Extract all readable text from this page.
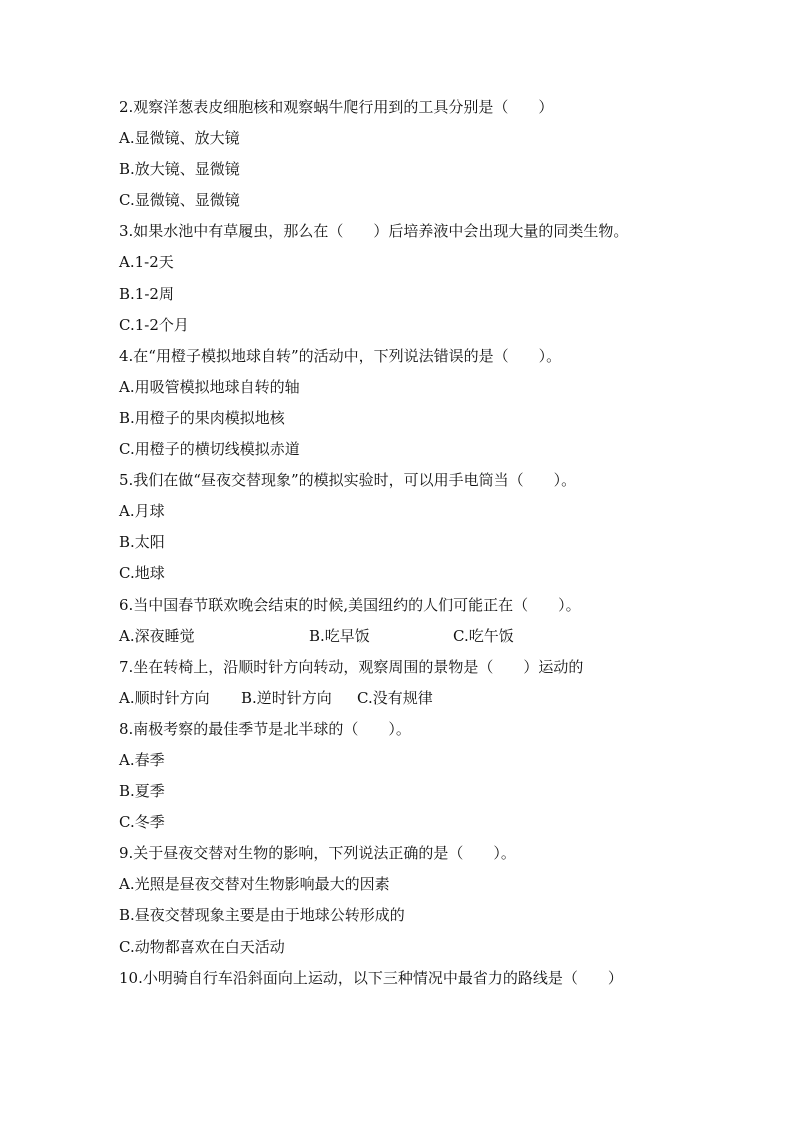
2.观察洋葱表皮细胞核和观察蜗牛爬行用到的工具分别是（　　）
A.显微镜、放大镜
B.放大镜、显微镜
C.显微镜、显微镜
3.如果水池中有草履虫，那么在（　　）后培养液中会出现大量的同类生物。
A.1-2天
B.1-2周
C.1-2个月
4.在“用橙子模拟地球自转”的活动中，下列说法错误的是（　　）。
A.用吸管模拟地球自转的轴
B.用橙子的果肉模拟地核
C.用橙子的横切线模拟赤道
5.我们在做“昼夜交替现象”的模拟实验时，可以用手电筒当（　　）。
A.月球
B.太阳
C.地球
6.当中国春节联欢晚会结束的时候,美国纽约的人们可能正在（　　）。
A.深夜睡觉	B.吃早饭	C.吃午饭
7.坐在转椅上，沿顺时针方向转动，观察周围的景物是（　　）运动的
A.顺时针方向 B.逆时针方向 C.没有规律
8.南极考察的最佳季节是北半球的（　　）。
A.春季
B.夏季
C.冬季
9.关于昼夜交替对生物的影响，下列说法正确的是（　　）。
A.光照是昼夜交替对生物影响最大的因素
B.昼夜交替现象主要是由于地球公转形成的
C.动物都喜欢在白天活动
10.小明骑自行车沿斜面向上运动，以下三种情况中最省力的路线是（　　）
